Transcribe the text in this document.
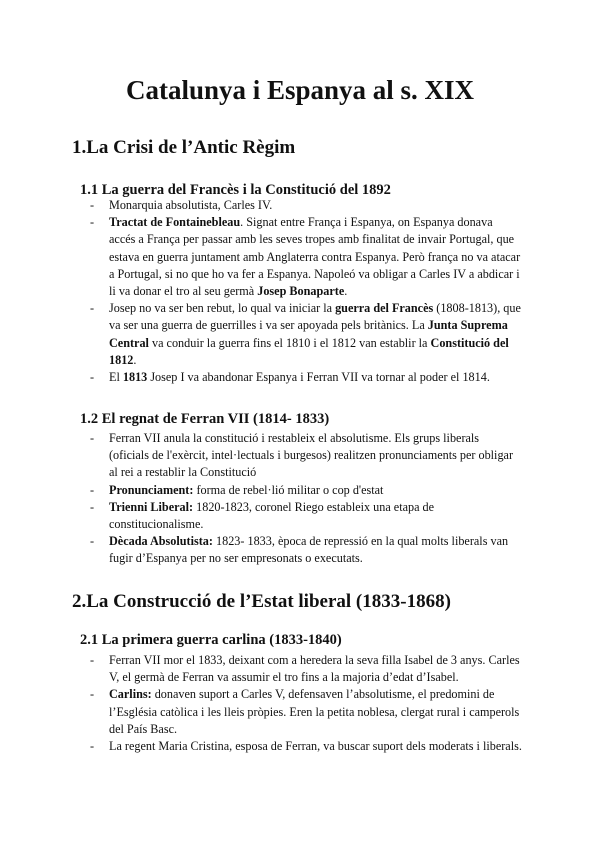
Catalunya i Espanya al s. XIX
1.La Crisi de l’Antic Règim
1.1 La guerra del Francès i la Constitució del 1892
- Monarquia absolutista, Carles IV.
- Tractat de Fontainebleau. Signat entre França i Espanya, on Espanya donava accés a França per passar amb les seves tropes amb finalitat de invair Portugal, que estava en guerra juntament amb Anglaterra contra Espanya. Però frança no va atacar a Portugal, si no que ho va fer a Espanya. Napoleó va obligar a Carles IV a abdicar i li va donar el tro al seu germà Josep Bonaparte.
- Josep no va ser ben rebut, lo qual va iniciar la guerra del Francès (1808-1813), que va ser una guerra de guerrilles i va ser apoyada pels britànics. La Junta Suprema Central va conduir la guerra fins el 1810 i el 1812 van establir la Constitució del 1812.
- El 1813 Josep I va abandonar Espanya i Ferran VII va tornar al poder el 1814.
1.2 El regnat de Ferran VII (1814- 1833)
- Ferran VII anula la constitució i restableix el absolutisme. Els grups liberals (oficials de l'exèrcit, intel·lectuals i burgesos) realitzen pronunciaments per obligar al rei a restablir la Constitució
- Pronunciament: forma de rebel·lió militar o cop d'estat
- Trienni Liberal: 1820-1823, coronel Riego estableix una etapa de constitucionalisme.
- Dècada Absolutista: 1823- 1833, època de repressió en la qual molts liberals van fugir d’Espanya per no ser empresonats o executats.
2.La Construcció de l’Estat liberal (1833-1868)
2.1 La primera guerra carlina (1833-1840)
- Ferran VII mor el 1833, deixant com a heredera la seva filla Isabel de 3 anys. Carles V, el germà de Ferran va assumir el tro fins a la majoria d’edat d’Isabel.
- Carlins: donaven suport a Carles V, defensaven l’absolutisme, el predomini de l’Església catòlica i les lleis pròpies. Eren la petita noblesa, clergat rural i camperols del País Basc.
- La regent Maria Cristina, esposa de Ferran, va buscar suport dels moderats i liberals.
